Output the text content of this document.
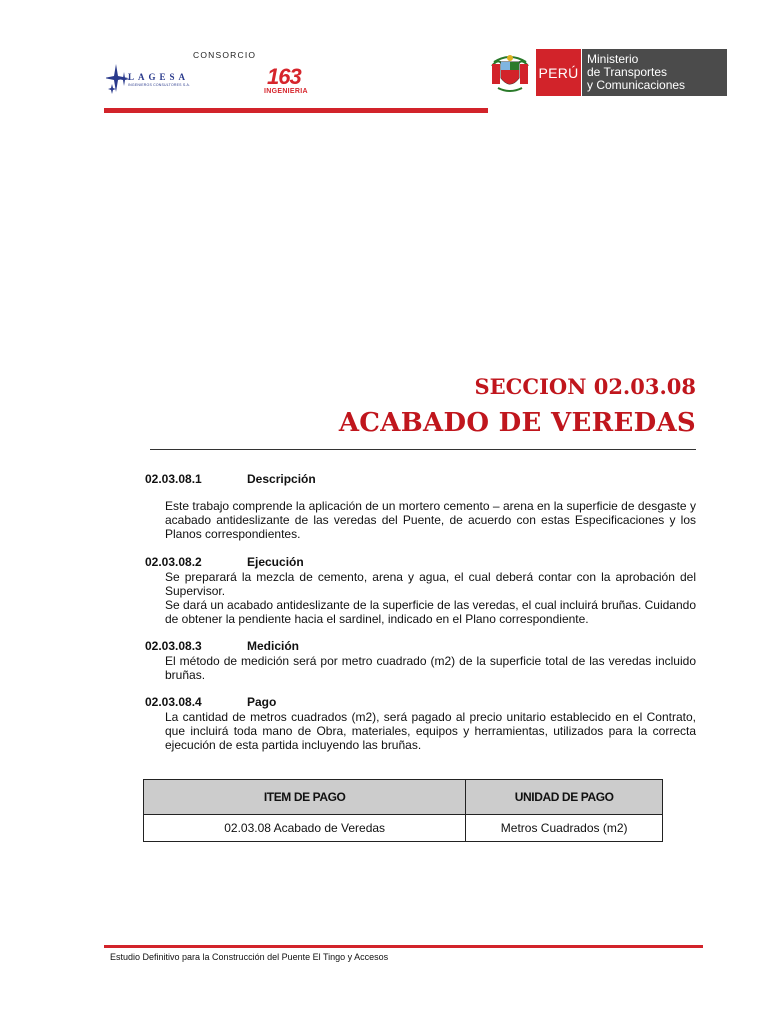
CONSORCIO
LAGESA
INGENIEROS CONSULTORES S.A.	163
INGENIERIA
PERÚ
Ministerio
de Transportes
y Comunicaciones
SECCION 02.03.08
ACABADO DE VEREDAS
02.03.08.1	Descripción

Este trabajo comprende la aplicación de un mortero cemento – arena en la superficie de desgaste y acabado antideslizante de las veredas del Puente, de acuerdo con estas Especificaciones y los Planos correspondientes.

02.03.08.2	Ejecución

Se preparará la mezcla de cemento, arena y agua, el cual deberá contar con la aprobación del Supervisor.

Se dará un acabado antideslizante de la superficie de las veredas, el cual incluirá bruñas. Cuidando de obtener la pendiente hacia el sardinel, indicado en el Plano correspondiente.

02.03.08.3	Medición

El método de medición será por metro cuadrado (m2) de la superficie total de las veredas incluido bruñas.

02.03.08.4	Pago

La cantidad de metros cuadrados (m2), será pagado al precio unitario establecido en el Contrato, que incluirá toda mano de Obra, materiales, equipos y herramientas, utilizados para la correcta ejecución de esta partida incluyendo las bruñas.

ITEM DE PAGO	UNIDAD DE PAGO
02.03.08 Acabado de Veredas	Metros Cuadrados (m2)
Estudio Definitivo para la Construcción del Puente El Tingo y Accesos
